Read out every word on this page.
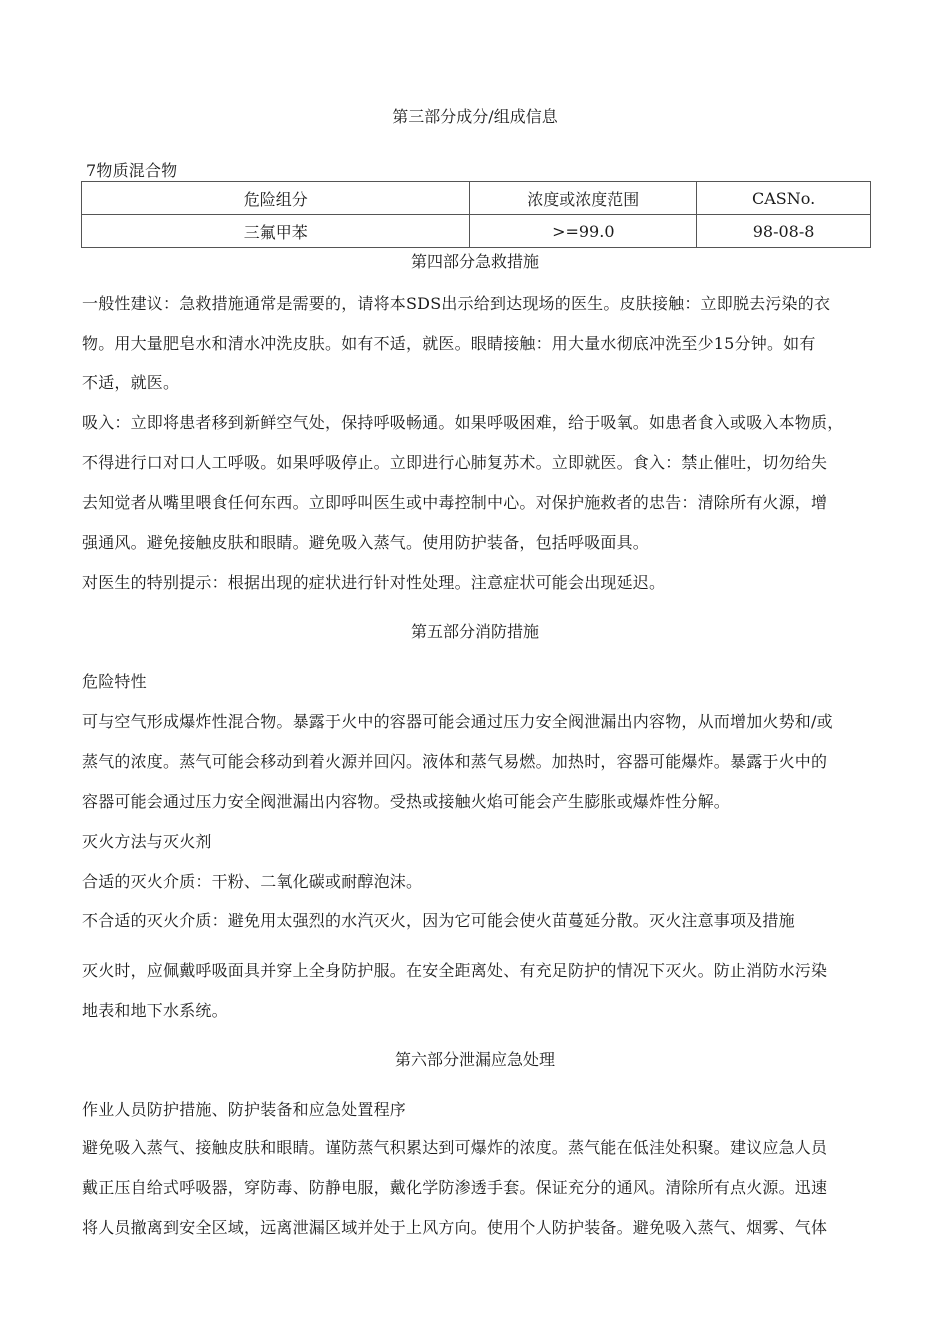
第三部分成分/组成信息
7物质混合物
危险组分	浓度或浓度范围	CASNo.
三氟甲苯	>=99.0	98-08-8
第四部分急救措施
一般性建议：急救措施通常是需要的，请将本SDS出示给到达现场的医生。皮肤接触：立即脱去污染的衣
物。用大量肥皂水和清水冲洗皮肤。如有不适，就医。眼睛接触：用大量水彻底冲洗至少15分钟。如有
不适，就医。
吸入：立即将患者移到新鲜空气处，保持呼吸畅通。如果呼吸困难，给于吸氧。如患者食入或吸入本物质，
不得进行口对口人工呼吸。如果呼吸停止。立即进行心肺复苏术。立即就医。食入：禁止催吐，切勿给失
去知觉者从嘴里喂食任何东西。立即呼叫医生或中毒控制中心。对保护施救者的忠告：清除所有火源，增
强通风。避免接触皮肤和眼睛。避免吸入蒸气。使用防护装备，包括呼吸面具。
对医生的特别提示：根据出现的症状进行针对性处理。注意症状可能会出现延迟。
第五部分消防措施
危险特性
可与空气形成爆炸性混合物。暴露于火中的容器可能会通过压力安全阀泄漏出内容物，从而增加火势和/或
蒸气的浓度。蒸气可能会移动到着火源并回闪。液体和蒸气易燃。加热时，容器可能爆炸。暴露于火中的
容器可能会通过压力安全阀泄漏出内容物。受热或接触火焰可能会产生膨胀或爆炸性分解。
灭火方法与灭火剂
合适的灭火介质：干粉、二氧化碳或耐醇泡沫。
不合适的灭火介质：避免用太强烈的水汽灭火，因为它可能会使火苗蔓延分散。灭火注意事项及措施
灭火时，应佩戴呼吸面具并穿上全身防护服。在安全距离处、有充足防护的情况下灭火。防止消防水污染
地表和地下水系统。
第六部分泄漏应急处理
作业人员防护措施、防护装备和应急处置程序
避免吸入蒸气、接触皮肤和眼睛。谨防蒸气积累达到可爆炸的浓度。蒸气能在低洼处积聚。建议应急人员
戴正压自给式呼吸器，穿防毒、防静电服，戴化学防渗透手套。保证充分的通风。清除所有点火源。迅速
将人员撤离到安全区域，远离泄漏区域并处于上风方向。使用个人防护装备。避免吸入蒸气、烟雾、气体
